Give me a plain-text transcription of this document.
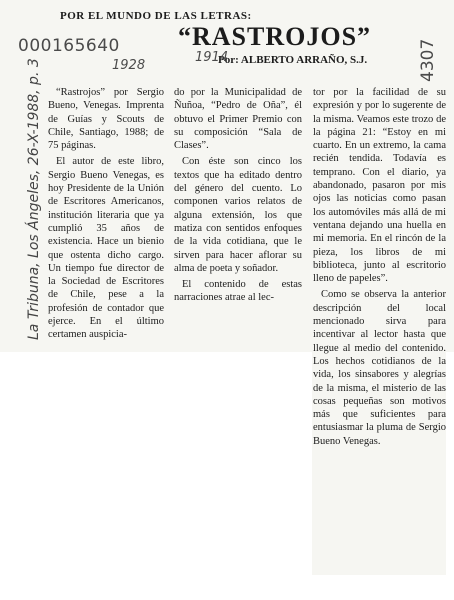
POR EL MUNDO DE LAS LETRAS:
“RASTROJOS”
Por: ALBERTO ARRAÑO, S.J.
000165640
1928
1914	4307
La Tribuna, Los Ángeles, 26-X-1988, p. 3	“Rastrojos” por Sergio Bueno, Venegas. Imprenta de Guías y Scouts de Chile, Santiago, 1988; de 75 páginas.

El autor de este libro, Sergio Bueno Venegas, es hoy Presidente de la Unión de Escritores Americanos, institución literaria que ya cumplió 35 años de existencia. Hace un bienio que ostenta dicho cargo. Un tiempo fue director de la Sociedad de Escritores de Chile, pese a la profesión de contador que ejerce. En el último certamen auspicia-

do por la Municipalidad de Ñuñoa, “Pedro de Oña”, él obtuvo el Primer Premio con su composición “Sala de Clases”.

Con éste son cinco los textos que ha editado dentro del género del cuento. Lo componen varios relatos de alguna extensión, los que matiza con sentidos enfoques de la vida cotidiana, que le sirven para hacer aflorar su alma de poeta y soñador.

El contenido de estas narraciones atrae al lec-

tor por la facilidad de su expresión y por lo sugerente de la misma. Veamos este trozo de la página 21: “Estoy en mi cuarto. En un extremo, la cama recién tendida. Todavía es temprano. Con el diario, ya abandonado, pasaron por mis ojos las noticias como pasan los automóviles más allá de mi ventana dejando una huella en mi memoria. En el rincón de la pieza, los libros de mi biblioteca, junto al escritorio lleno de papeles”.

Como se observa la anterior descripción del local mencionado sirva para incentivar al lector hasta que llegue al medio del contenido. Los hechos cotidianos de la vida, los sinsabores y alegrías de la misma, el misterio de las cosas pequeñas son motivos más que suficientes para entusiasmar la pluma de Sergio Bueno Venegas.
